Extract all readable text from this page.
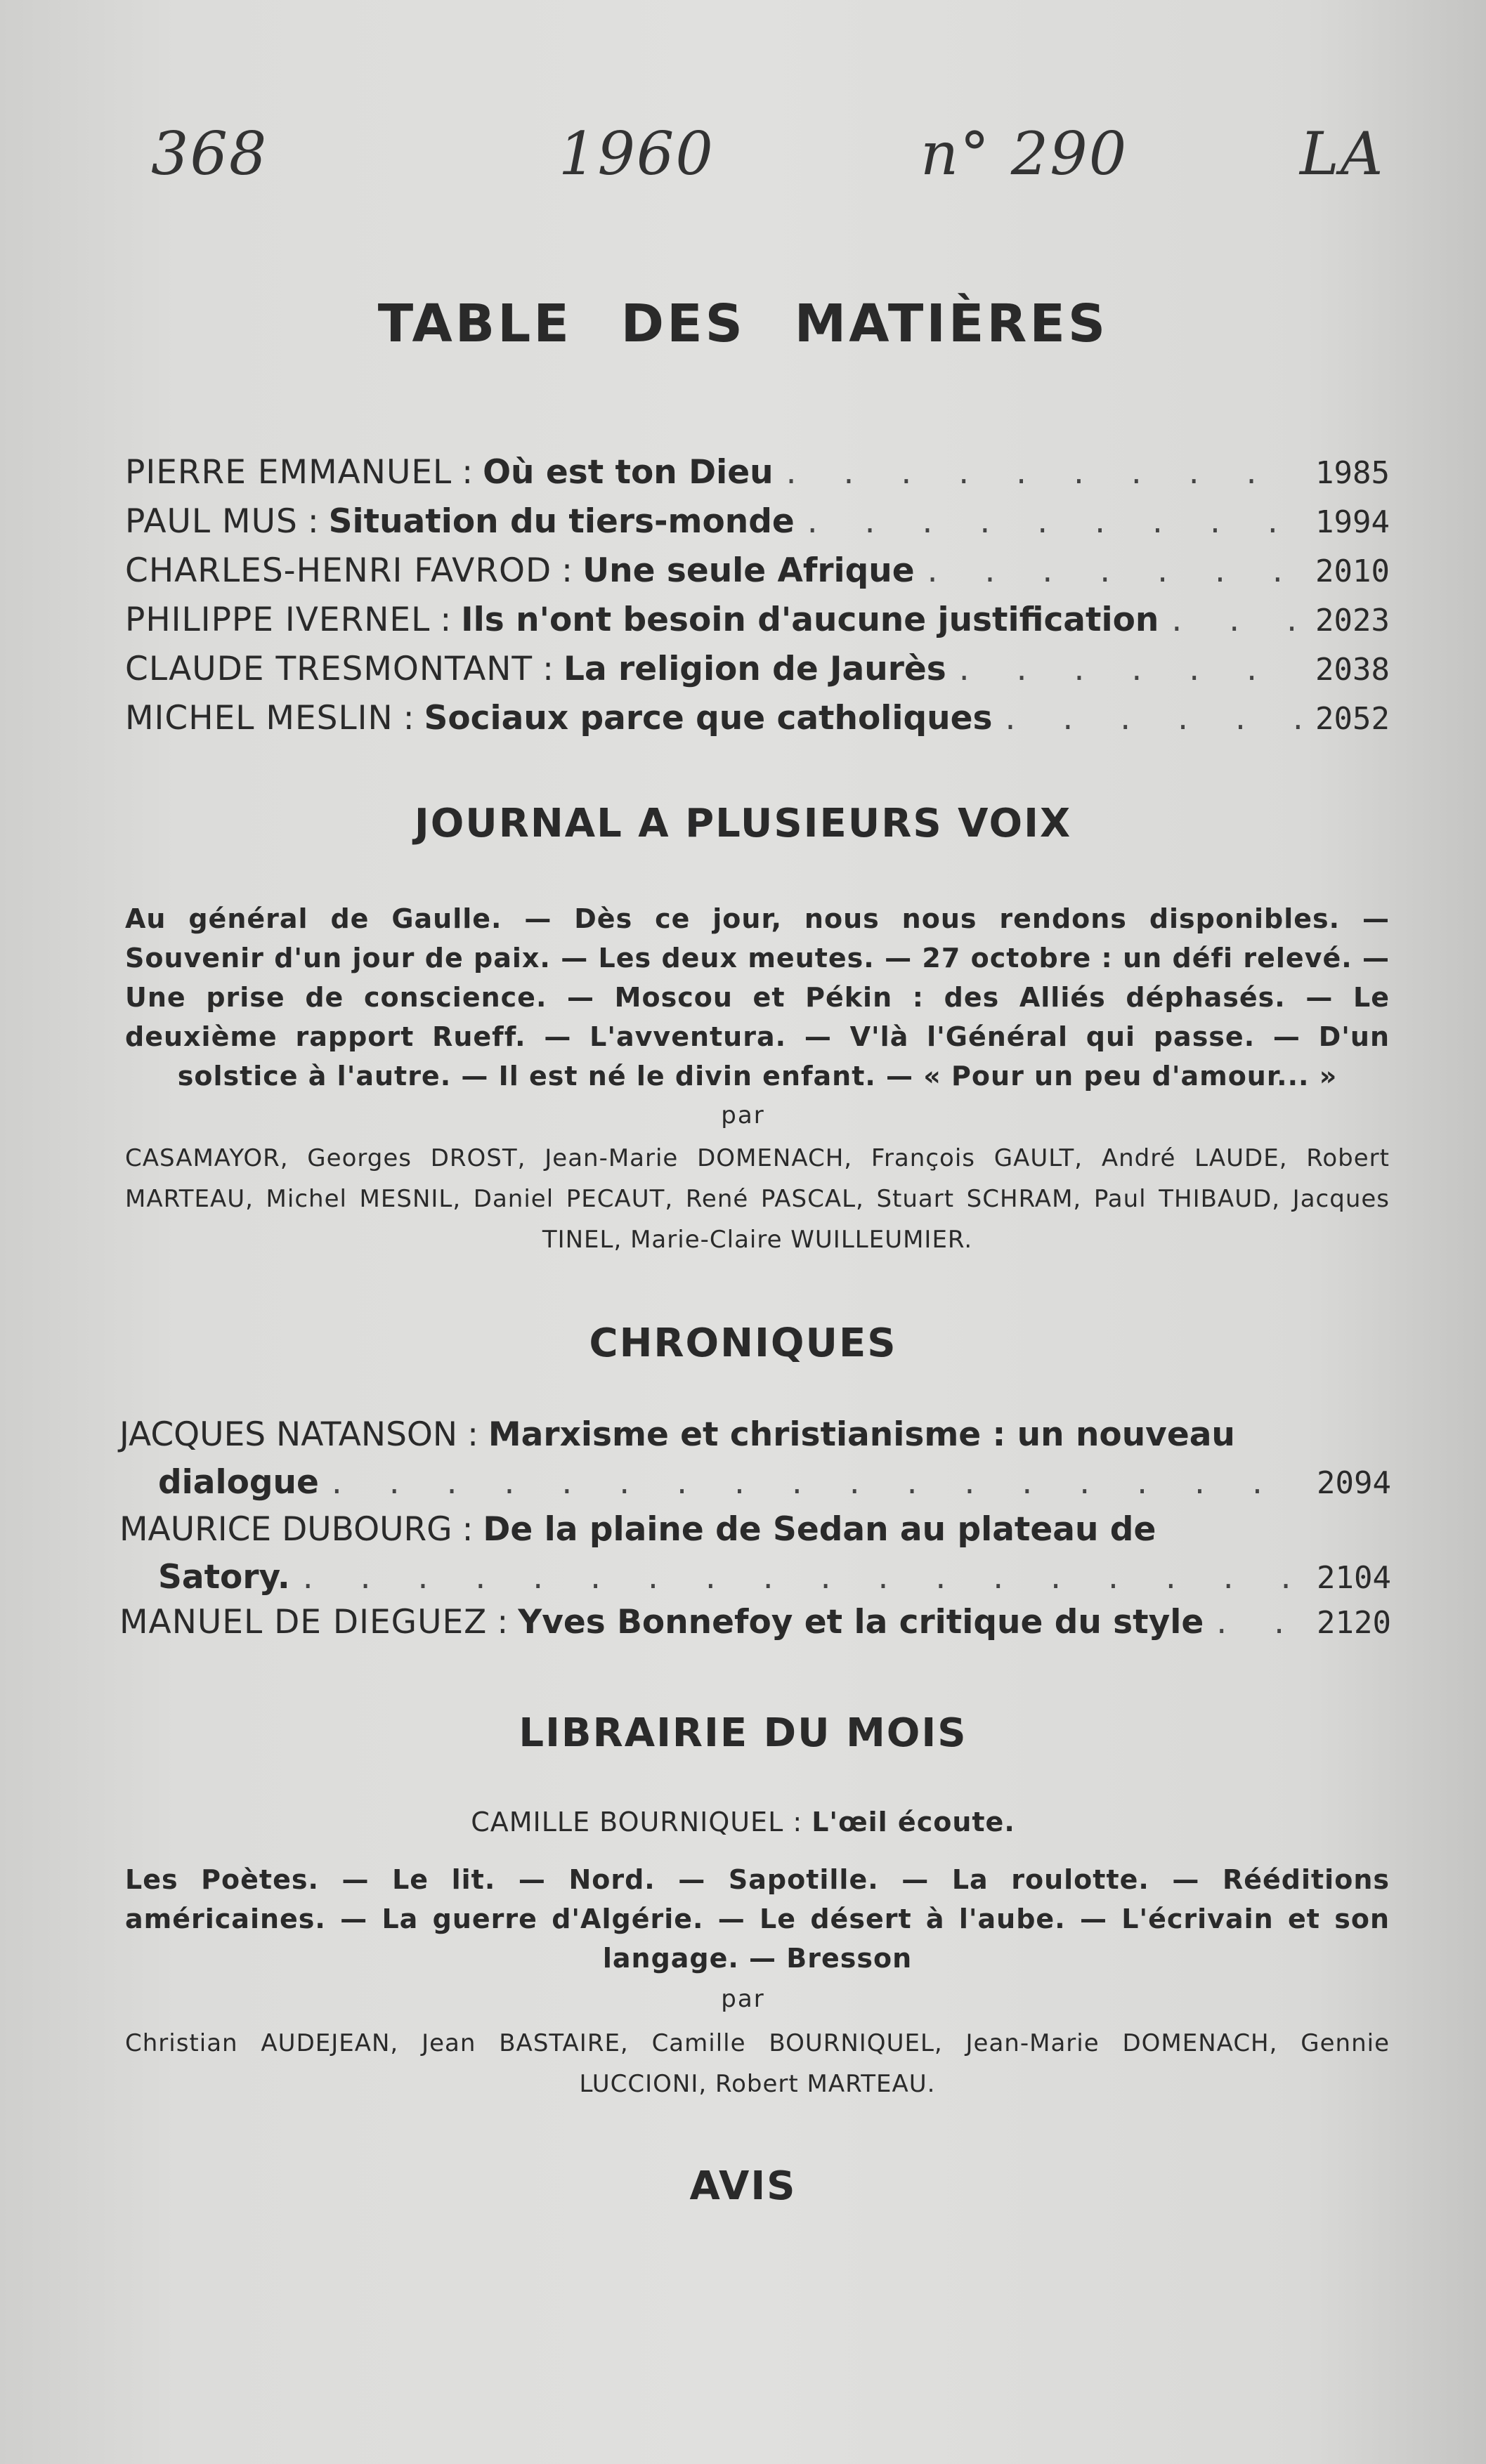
368	1960	n° 290	LA
TABLE DES MATIÈRES
PIERRE EMMANUEL : Où est ton Dieu . . .	1985
PAUL MUS : Situation du tiers-monde . . .	1994
CHARLES-HENRI FAVROD : Une seule Afrique . . .	2010
PHILIPPE IVERNEL : Ils n'ont besoin d'aucune justification . . .	2023
CLAUDE TRESMONTANT : La religion de Jaurès . . .	2038
MICHEL MESLIN : Sociaux parce que catholiques . . .	2052
JOURNAL A PLUSIEURS VOIX
Au général de Gaulle. — Dès ce jour, nous nous rendons disponibles. — Souvenir d'un jour de paix. — Les deux meutes. — 27 octobre : un défi relevé. — Une prise de conscience. — Moscou et Pékin : des Alliés déphasés. — Le deuxième rapport Rueff. — L'avventura. — V'là l'Général qui passe. — D'un solstice à l'autre. — Il est né le divin enfant. — « Pour un peu d'amour... »
par
CASAMAYOR, Georges DROST, Jean-Marie DOMENACH, François GAULT, André LAUDE, Robert MARTEAU, Michel MESNIL, Daniel PECAUT, René PASCAL, Stuart SCHRAM, Paul THIBAUD, Jacques TINEL, Marie-Claire WUILLEUMIER.
CHRONIQUES
JACQUES NATANSON : Marxisme et christianisme : un nouveau
dialogue . . .	2094
MAURICE DUBOURG : De la plaine de Sedan au plateau de
Satory. . . .	2104
MANUEL DE DIEGUEZ : Yves Bonnefoy et la critique du style . . .	2120
LIBRAIRIE DU MOIS
CAMILLE BOURNIQUEL : L'œil écoute.
Les Poètes. — Le lit. — Nord. — Sapotille. — La roulotte. — Rééditions américaines. — La guerre d'Algérie. — Le désert à l'aube. — L'écrivain et son langage. — Bresson
par
Christian AUDEJEAN, Jean BASTAIRE, Camille BOURNIQUEL, Jean-Marie DOMENACH, Gennie LUCCIONI, Robert MARTEAU.
AVIS
